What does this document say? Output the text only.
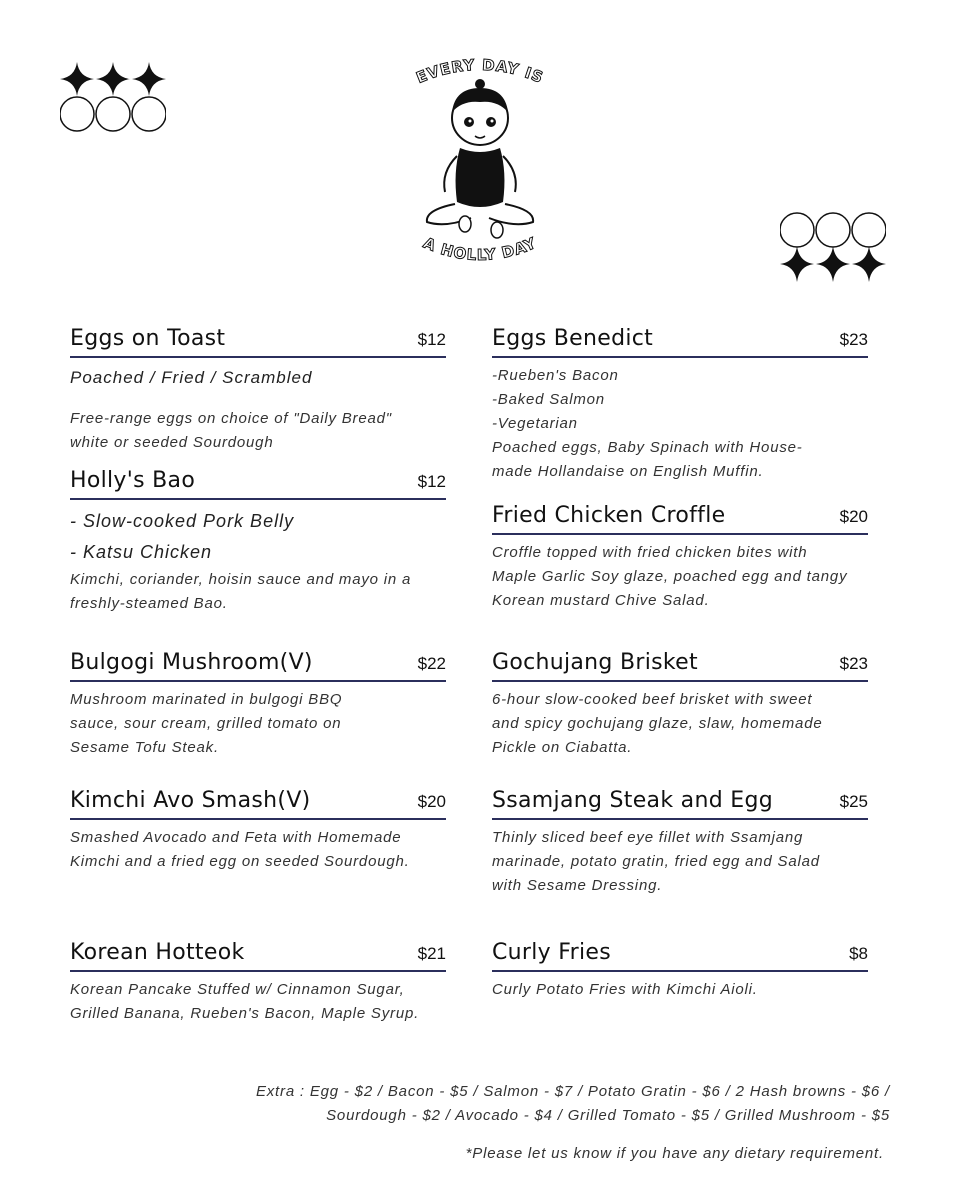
EVERY DAY IS
A HOLLY DAY
Eggs on Toast	$12
Poached / Fried / Scrambled

Free-range eggs on choice of "Daily Bread"

white or seeded Sourdough

Holly's Bao	$12
- Slow-cooked Pork Belly
- Katsu Chicken

Kimchi, coriander, hoisin sauce and mayo in a

freshly-steamed Bao.

Bulgogi Mushroom(V)	$22

Mushroom marinated in bulgogi BBQ

sauce, sour cream, grilled tomato on

Sesame Tofu Steak.

Kimchi Avo Smash(V)	$20

Smashed Avocado and Feta with Homemade

Kimchi and a fried egg on seeded Sourdough.

Korean Hotteok	$21

Korean Pancake Stuffed w/ Cinnamon Sugar,

Grilled Banana, Rueben's Bacon, Maple Syrup.

Eggs Benedict	$23

-Rueben's Bacon

-Baked Salmon

-Vegetarian

Poached eggs, Baby Spinach with House-

made Hollandaise on English Muffin.

Fried Chicken Croffle	$20

Croffle topped with fried chicken bites with

Maple Garlic Soy glaze, poached egg and tangy

Korean mustard Chive Salad.

Gochujang Brisket	$23

6-hour slow-cooked beef brisket with sweet

and spicy gochujang glaze, slaw, homemade

Pickle on Ciabatta.

Ssamjang Steak and Egg	$25

Thinly sliced beef eye fillet with Ssamjang

marinade, potato gratin, fried egg and Salad

with Sesame Dressing.

Curly Fries	$8

Curly Potato Fries with Kimchi Aioli.

Extra : Egg - $2 / Bacon - $5 / Salmon - $7 / Potato Gratin - $6 / 2 Hash browns - $6 /
Sourdough - $2 / Avocado - $4 / Grilled Tomato - $5 / Grilled Mushroom - $5
*Please let us know if you have any dietary requirement.
